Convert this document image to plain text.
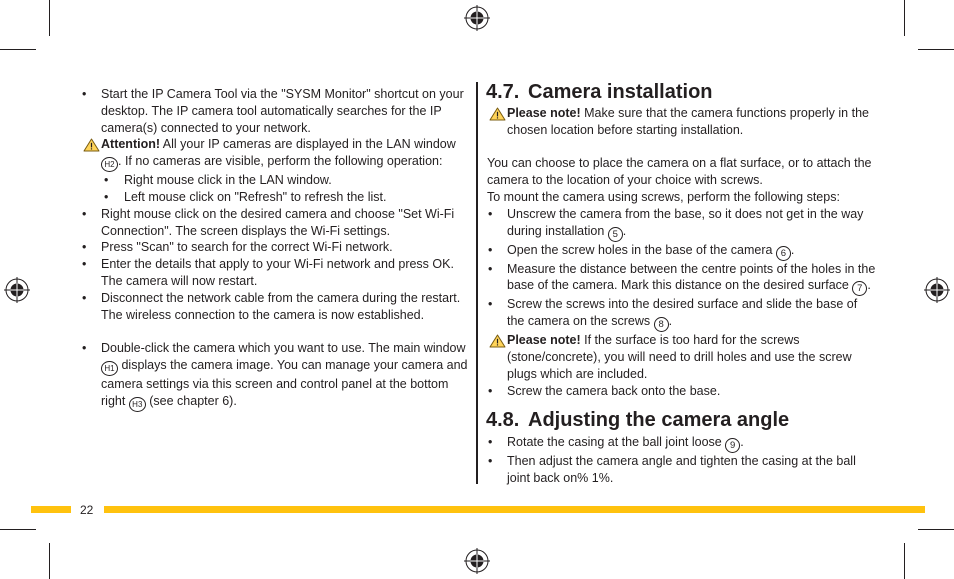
• Start the IP Camera Tool via the "SYSM Monitor" shortcut on your desktop. The IP camera tool automatically searches for the IP camera(s) connected to your network.
Attention! All your IP cameras are displayed in the LAN window H2 . If no cameras are visible, perform the following operation:
• Right mouse click in the LAN window.
• Left mouse click on "Refresh" to refresh the list.
• Right mouse click on the desired camera and choose "Set Wi-Fi Connection". The screen displays the Wi-Fi settings.
• Press "Scan" to search for the correct Wi-Fi network.
• Enter the details that apply to your Wi-Fi network and press OK. The camera will now restart.
• Disconnect the network cable from the camera during the restart. The wireless connection to the camera is now established.
• Double-click the camera which you want to use. The main window H1 displays the camera image. You can manage your camera and camera settings via this screen and control panel at the bottom right H3 (see chapter 6).
4.7. Camera installation
Please note! Make sure that the camera functions properly in the chosen location before starting installation.
You can choose to place the camera on a flat surface, or to attach the camera to the location of your choice with screws.
To mount the camera using screws, perform the following steps:
• Unscrew the camera from the base, so it does not get in the way during installation 5 .
• Open the screw holes in the base of the camera 6 .
• Measure the distance between the centre points of the holes in the base of the camera. Mark this distance on the desired surface 7 .
• Screw the screws into the desired surface and slide the base of the camera on the screws 8 .
Please note! If the surface is too hard for the screws (stone/concrete), you will need to drill holes and use the screw plugs which are included.
• Screw the camera back onto the base.
4.8. Adjusting the camera angle
• Rotate the casing at the ball joint loose 9 .
• Then adjust the camera angle and tighten the casing at the ball joint back on% 1%.
22
